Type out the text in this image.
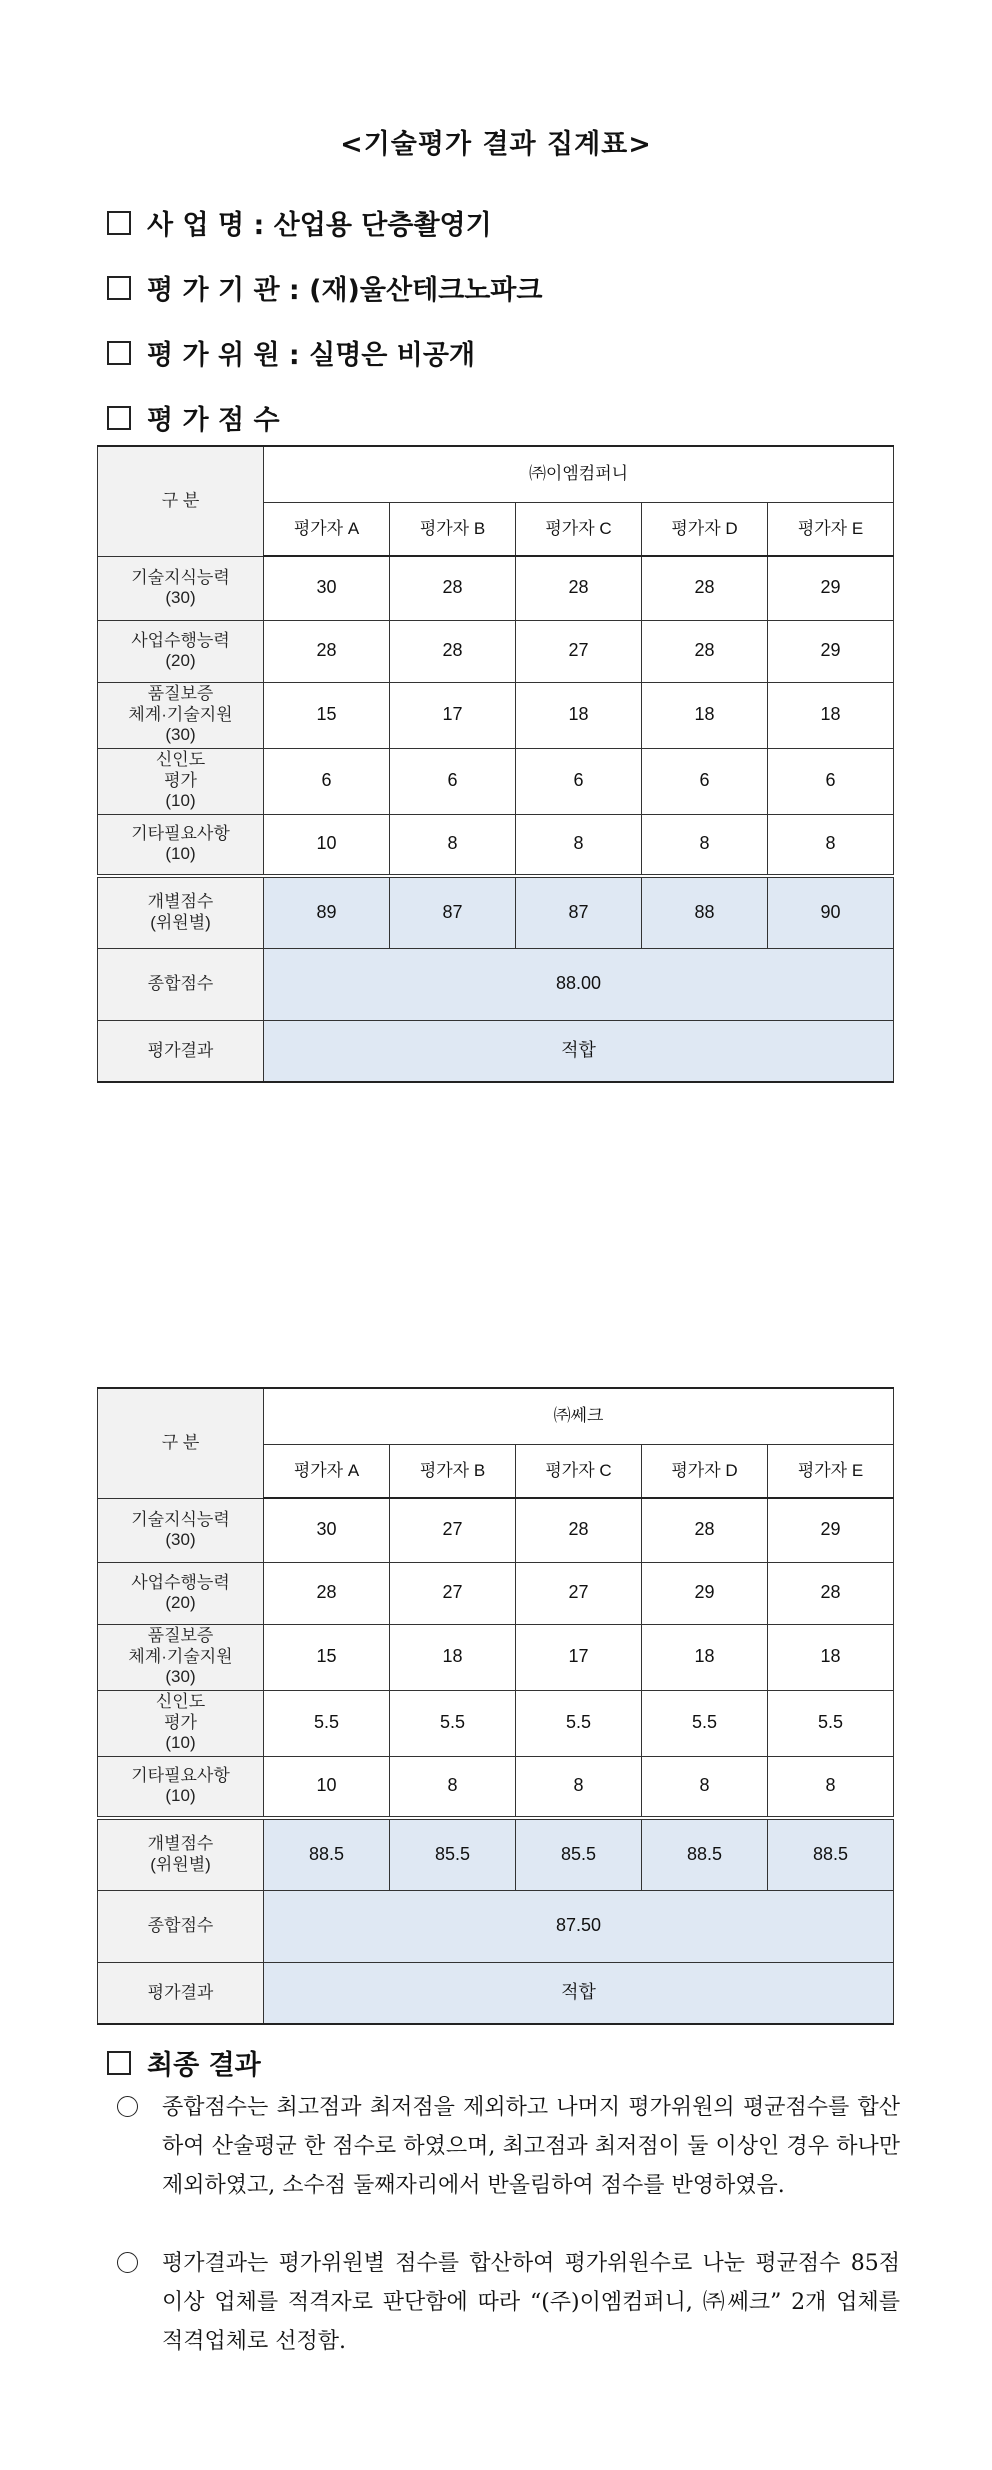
<기술평가 결과 집계표>
사 업 명 : 산업용 단층촬영기
평 가 기 관 : (재)울산테크노파크
평 가 위 원 : 실명은 비공개
평 가 점 수
구 분	㈜이엠컴퍼니				
	평가자 A	평가자 B	평가자 C	평가자 D	평가자 E
기술지식능력
(30)	30	28	28	28	29
사업수행능력
(20)	28	28	27	28	29
품질보증
체계·기술지원
(30)	15	17	18	18	18
신인도
평가
(10)	6	6	6	6	6
기타필요사항
(10)	10	8	8	8	8
개별점수
(위원별)	89	87	87	88	90
종합점수	88.00				
평가결과	적합				
구 분	㈜쎄크				
	평가자 A	평가자 B	평가자 C	평가자 D	평가자 E
기술지식능력
(30)	30	27	28	28	29
사업수행능력
(20)	28	27	27	29	28
품질보증
체계·기술지원
(30)	15	18	17	18	18
신인도
평가
(10)	5.5	5.5	5.5	5.5	5.5
기타필요사항
(10)	10	8	8	8	8
개별점수
(위원별)	88.5	85.5	85.5	88.5	88.5
종합점수	87.50				
평가결과	적합				
최종 결과
종합점수는 최고점과 최저점을 제외하고 나머지 평가위원의 평균점수를 합산하여 산술평균 한 점수로 하였으며, 최고점과 최저점이 둘 이상인 경우 하나만 제외하였고, 소수점 둘째자리에서 반올림하여 점수를 반영하였음.
평가결과는 평가위원별 점수를 합산하여 평가위원수로 나눈 평균점수 85점 이상 업체를 적격자로 판단함에 따라 “(주)이엠컴퍼니, ㈜쎄크” 2개 업체를 적격업체로 선정함.
